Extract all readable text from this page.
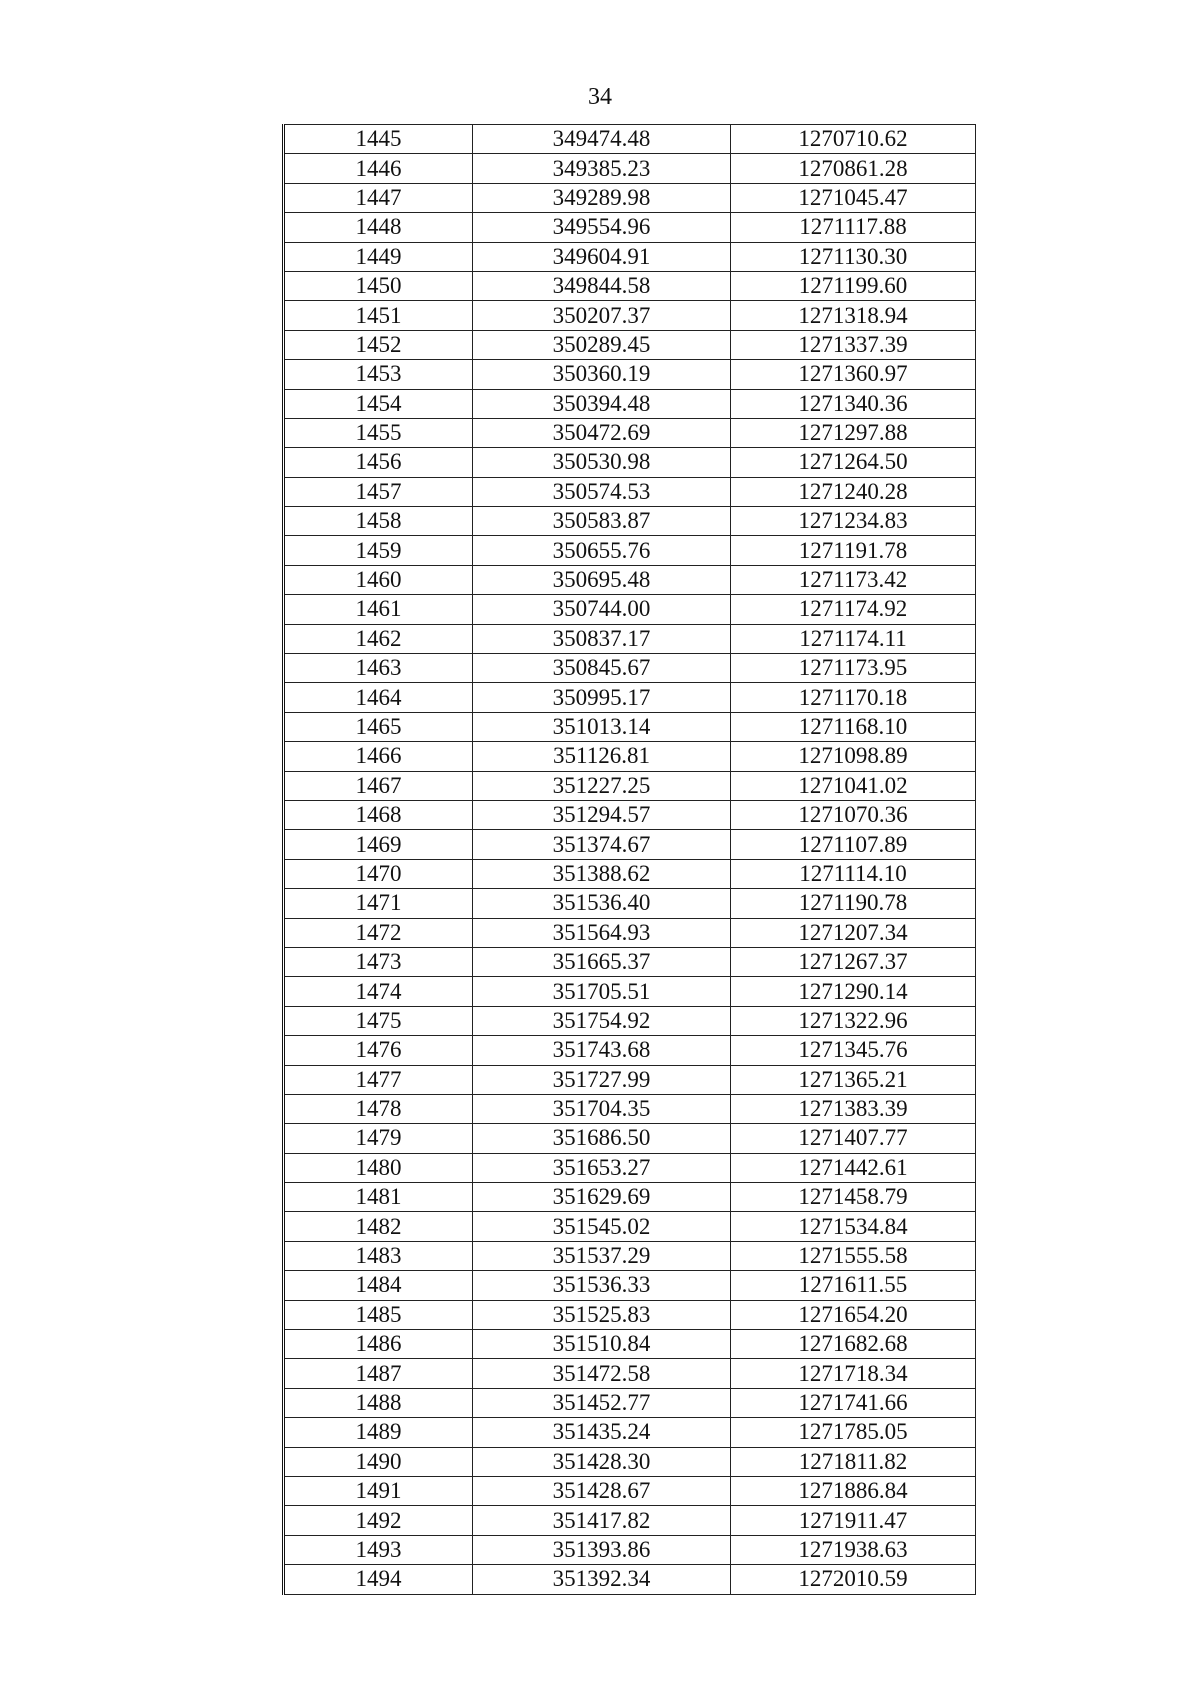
34
1445	349474.48	1270710.62
1446	349385.23	1270861.28
1447	349289.98	1271045.47
1448	349554.96	1271117.88
1449	349604.91	1271130.30
1450	349844.58	1271199.60
1451	350207.37	1271318.94
1452	350289.45	1271337.39
1453	350360.19	1271360.97
1454	350394.48	1271340.36
1455	350472.69	1271297.88
1456	350530.98	1271264.50
1457	350574.53	1271240.28
1458	350583.87	1271234.83
1459	350655.76	1271191.78
1460	350695.48	1271173.42
1461	350744.00	1271174.92
1462	350837.17	1271174.11
1463	350845.67	1271173.95
1464	350995.17	1271170.18
1465	351013.14	1271168.10
1466	351126.81	1271098.89
1467	351227.25	1271041.02
1468	351294.57	1271070.36
1469	351374.67	1271107.89
1470	351388.62	1271114.10
1471	351536.40	1271190.78
1472	351564.93	1271207.34
1473	351665.37	1271267.37
1474	351705.51	1271290.14
1475	351754.92	1271322.96
1476	351743.68	1271345.76
1477	351727.99	1271365.21
1478	351704.35	1271383.39
1479	351686.50	1271407.77
1480	351653.27	1271442.61
1481	351629.69	1271458.79
1482	351545.02	1271534.84
1483	351537.29	1271555.58
1484	351536.33	1271611.55
1485	351525.83	1271654.20
1486	351510.84	1271682.68
1487	351472.58	1271718.34
1488	351452.77	1271741.66
1489	351435.24	1271785.05
1490	351428.30	1271811.82
1491	351428.67	1271886.84
1492	351417.82	1271911.47
1493	351393.86	1271938.63
1494	351392.34	1272010.59
